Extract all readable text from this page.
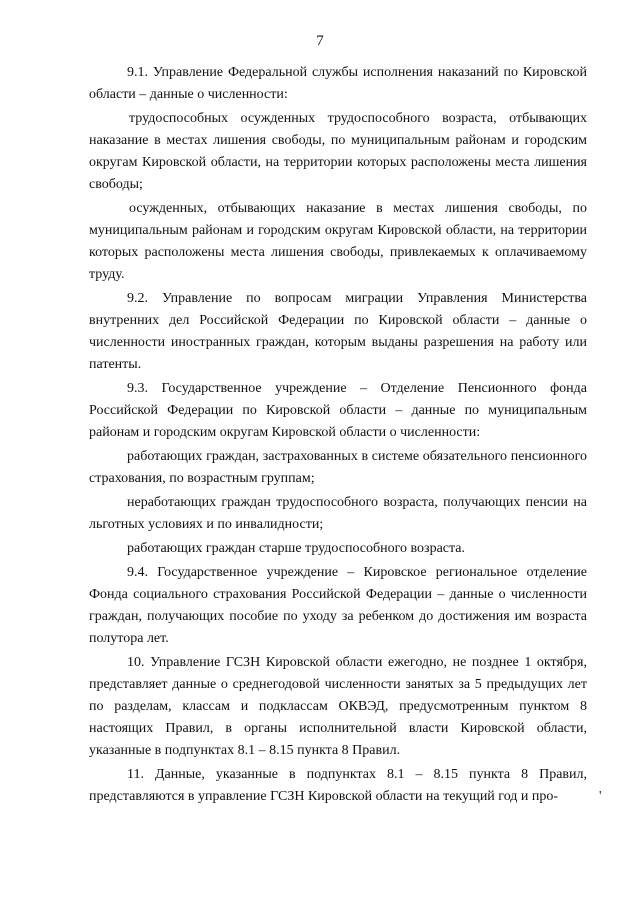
7

9.1. Управление Федеральной службы исполнения наказаний по Кировской области – данные о численности:

трудоспособных осужденных трудоспособного возраста, отбывающих наказание в местах лишения свободы, по муниципальным районам и городским округам Кировской области, на территории которых расположены места лишения свободы;

осужденных, отбывающих наказание в местах лишения свободы, по муниципальным районам и городским округам Кировской области, на территории которых расположены места лишения свободы, привлекаемых к оплачиваемому труду.

9.2. Управление по вопросам миграции Управления Министерства внутренних дел Российской Федерации по Кировской области – данные о численности иностранных граждан, которым выданы разрешения на работу или патенты.

9.3. Государственное учреждение – Отделение Пенсионного фонда Российской Федерации по Кировской области – данные по муниципальным районам и городским округам Кировской области о численности:

работающих граждан, застрахованных в системе обязательного пенсионного страхования, по возрастным группам;

неработающих граждан трудоспособного возраста, получающих пенсии на льготных условиях и по инвалидности;

работающих граждан старше трудоспособного возраста.

9.4. Государственное учреждение – Кировское региональное отделение Фонда социального страхования Российской Федерации – данные о численности граждан, получающих пособие по уходу за ребенком до достижения им возраста полутора лет.

10. Управление ГСЗН Кировской области ежегодно, не позднее 1 октября, представляет данные о среднегодовой численности занятых за 5 предыдущих лет по разделам, классам и подклассам ОКВЭД, предусмотренным пунктом 8 настоящих Правил, в органы исполнительной власти Кировской области, указанные в подпунктах 8.1 – 8.15 пункта 8 Правил.

11. Данные, указанные в подпунктах 8.1 – 8.15 пункта 8 Правил, представляются в управление ГСЗН Кировской области на текущий год и про-	'
